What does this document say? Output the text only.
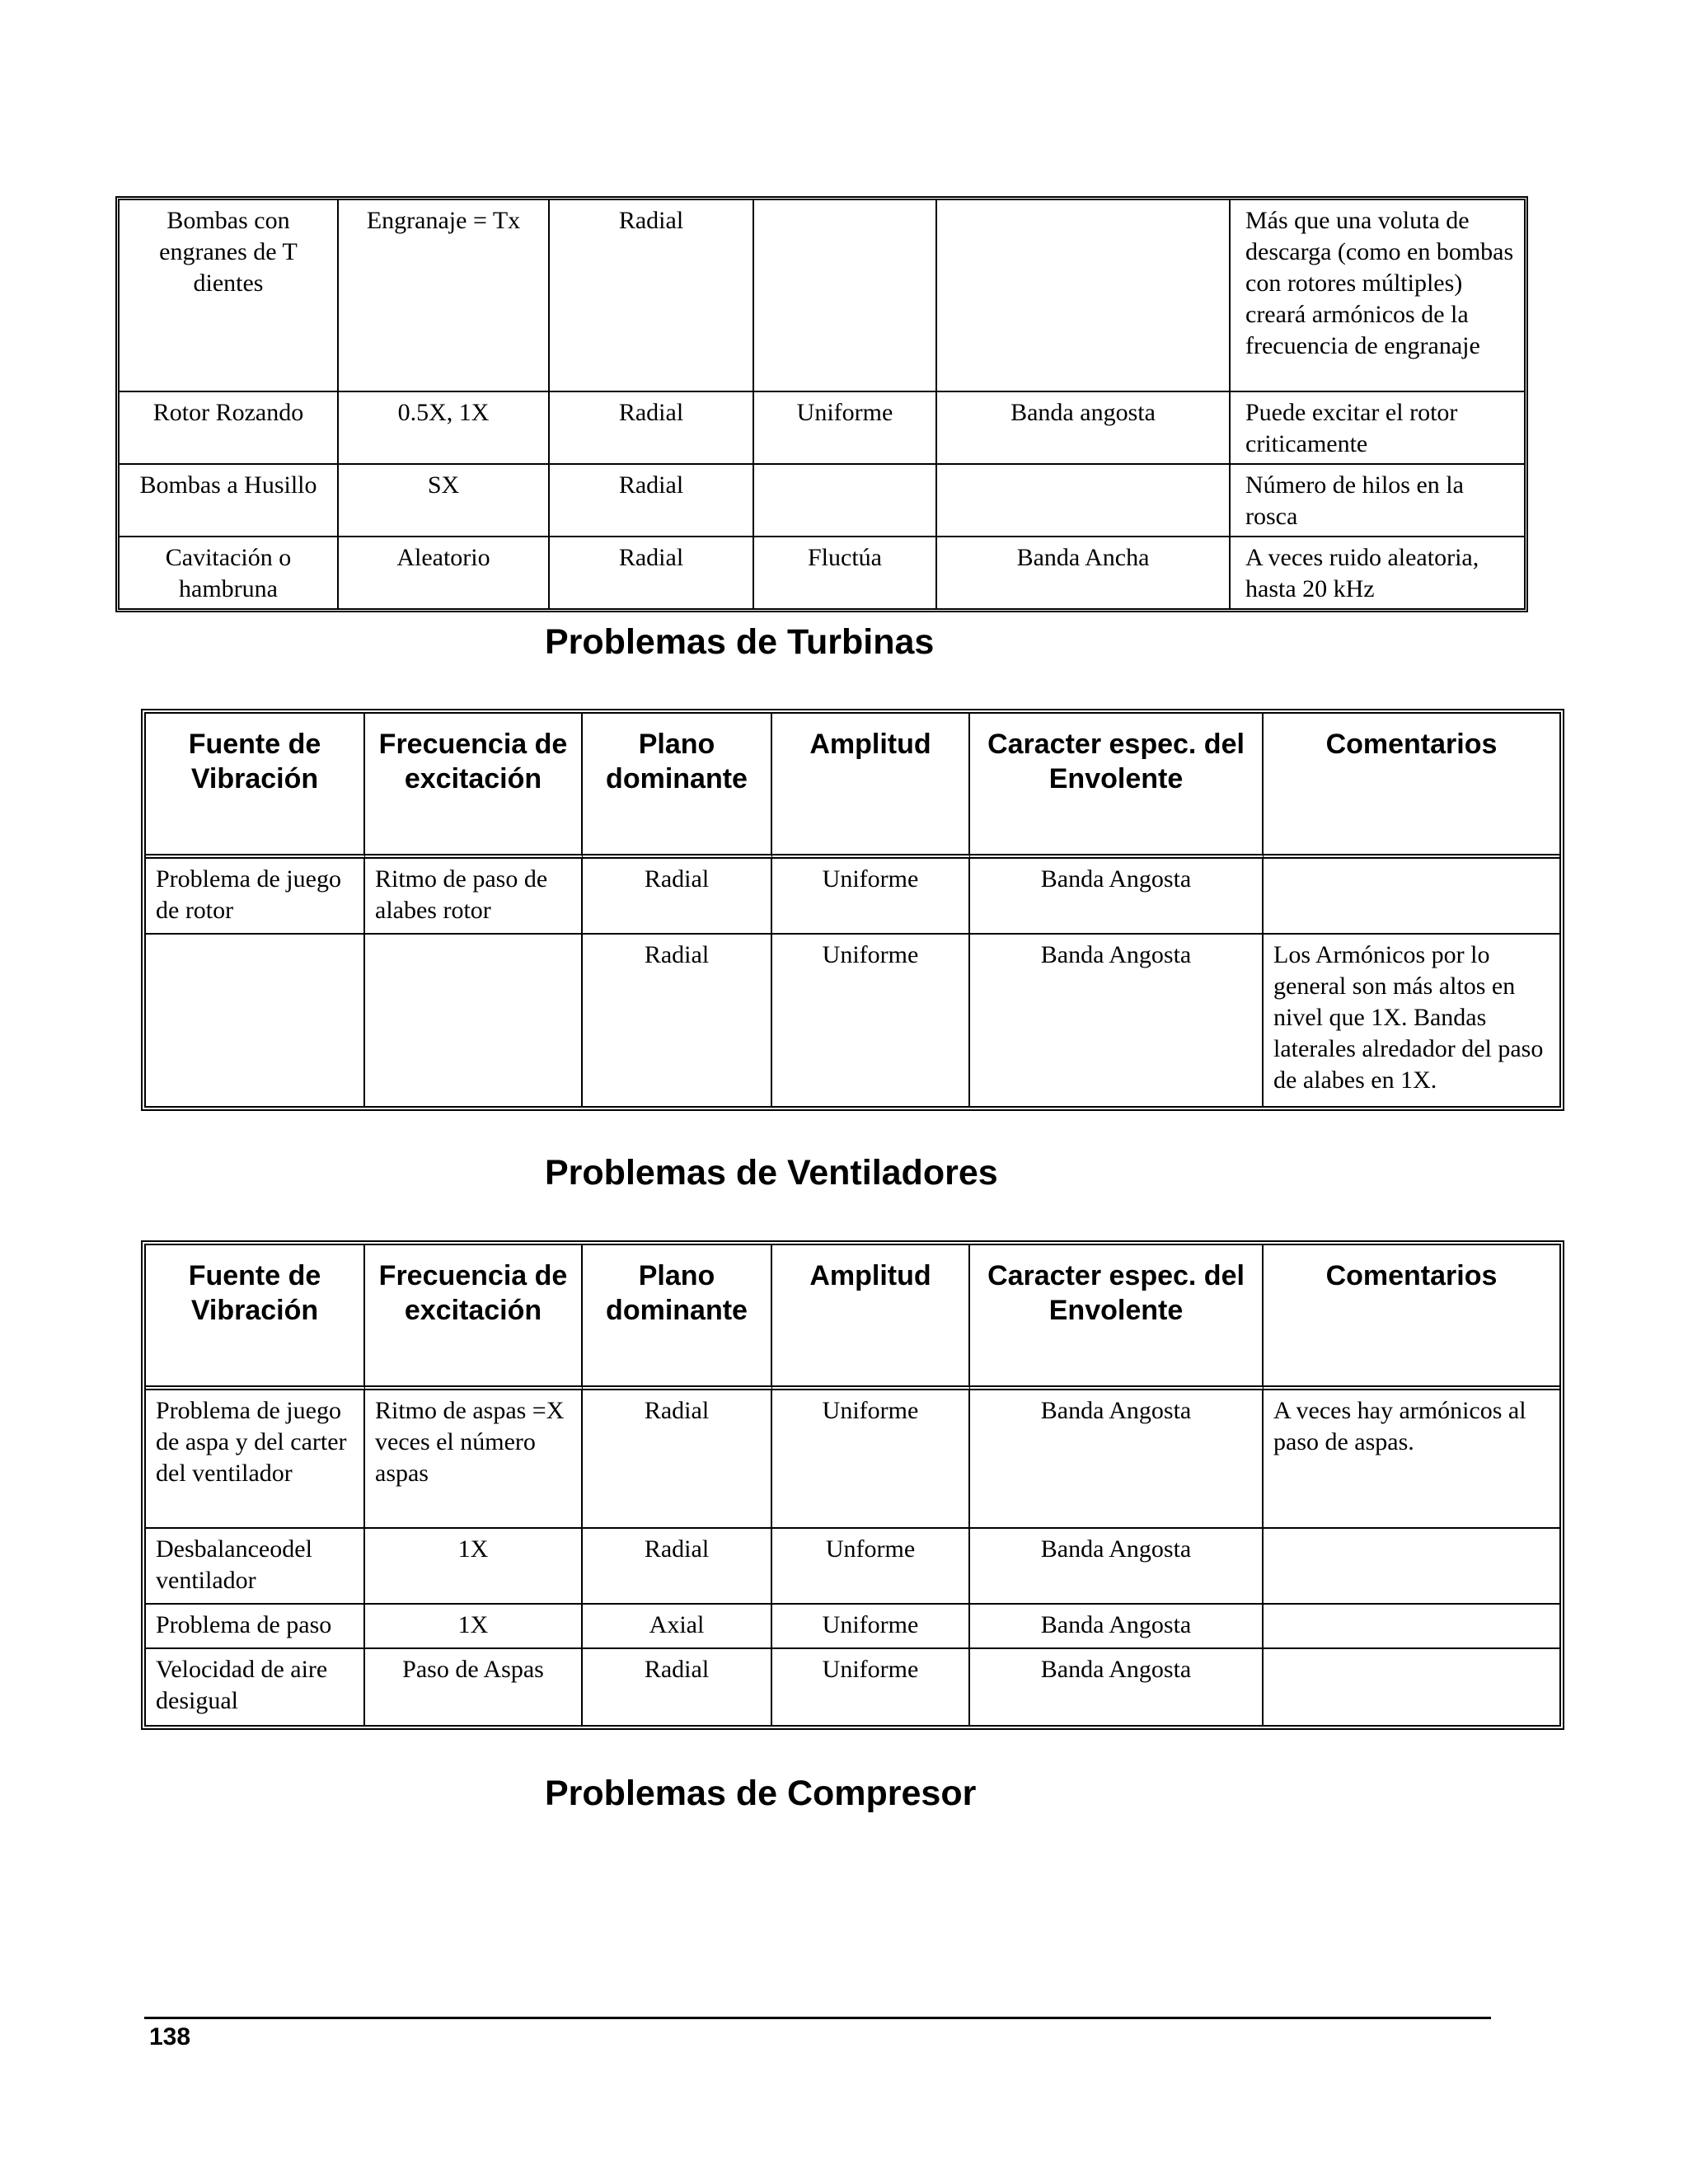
Bombas con engranes de T dientes	Engranaje = Tx	Radial			Más que una voluta de descarga (como en bombas con rotores múltiples) creará armónicos de la frecuencia de engranaje
Rotor Rozando	0.5X, 1X	Radial	Uniforme	Banda angosta	Puede excitar el rotor criticamente
Bombas a Husillo	SX	Radial			Número de hilos en la rosca
Cavitación o hambruna	Aleatorio	Radial	Fluctúa	Banda Ancha	A veces ruido aleatoria, hasta 20 kHz
Problemas de Turbinas
Fuente de Vibración	Frecuencia de excitación	Plano dominante	Amplitud	Caracter espec. del Envolente	Comentarios
Problema de juego de rotor	Ritmo de paso de alabes rotor	Radial	Uniforme	Banda Angosta	
		Radial	Uniforme	Banda Angosta	Los Armónicos por lo general son más altos en nivel que 1X. Bandas laterales alredador del paso de alabes en 1X.
Problemas de Ventiladores
Fuente de Vibración	Frecuencia de excitación	Plano dominante	Amplitud	Caracter espec. del Envolente	Comentarios
Problema de juego de aspa y del carter del ventilador	Ritmo de aspas =X veces el número aspas	Radial	Uniforme	Banda Angosta	A veces hay armónicos al paso de aspas.
Desbalanceodel ventilador	1X	Radial	Unforme	Banda Angosta	
Problema de paso	1X	Axial	Uniforme	Banda Angosta	
Velocidad de aire desigual	Paso de Aspas	Radial	Uniforme	Banda Angosta	
Problemas de Compresor
138
